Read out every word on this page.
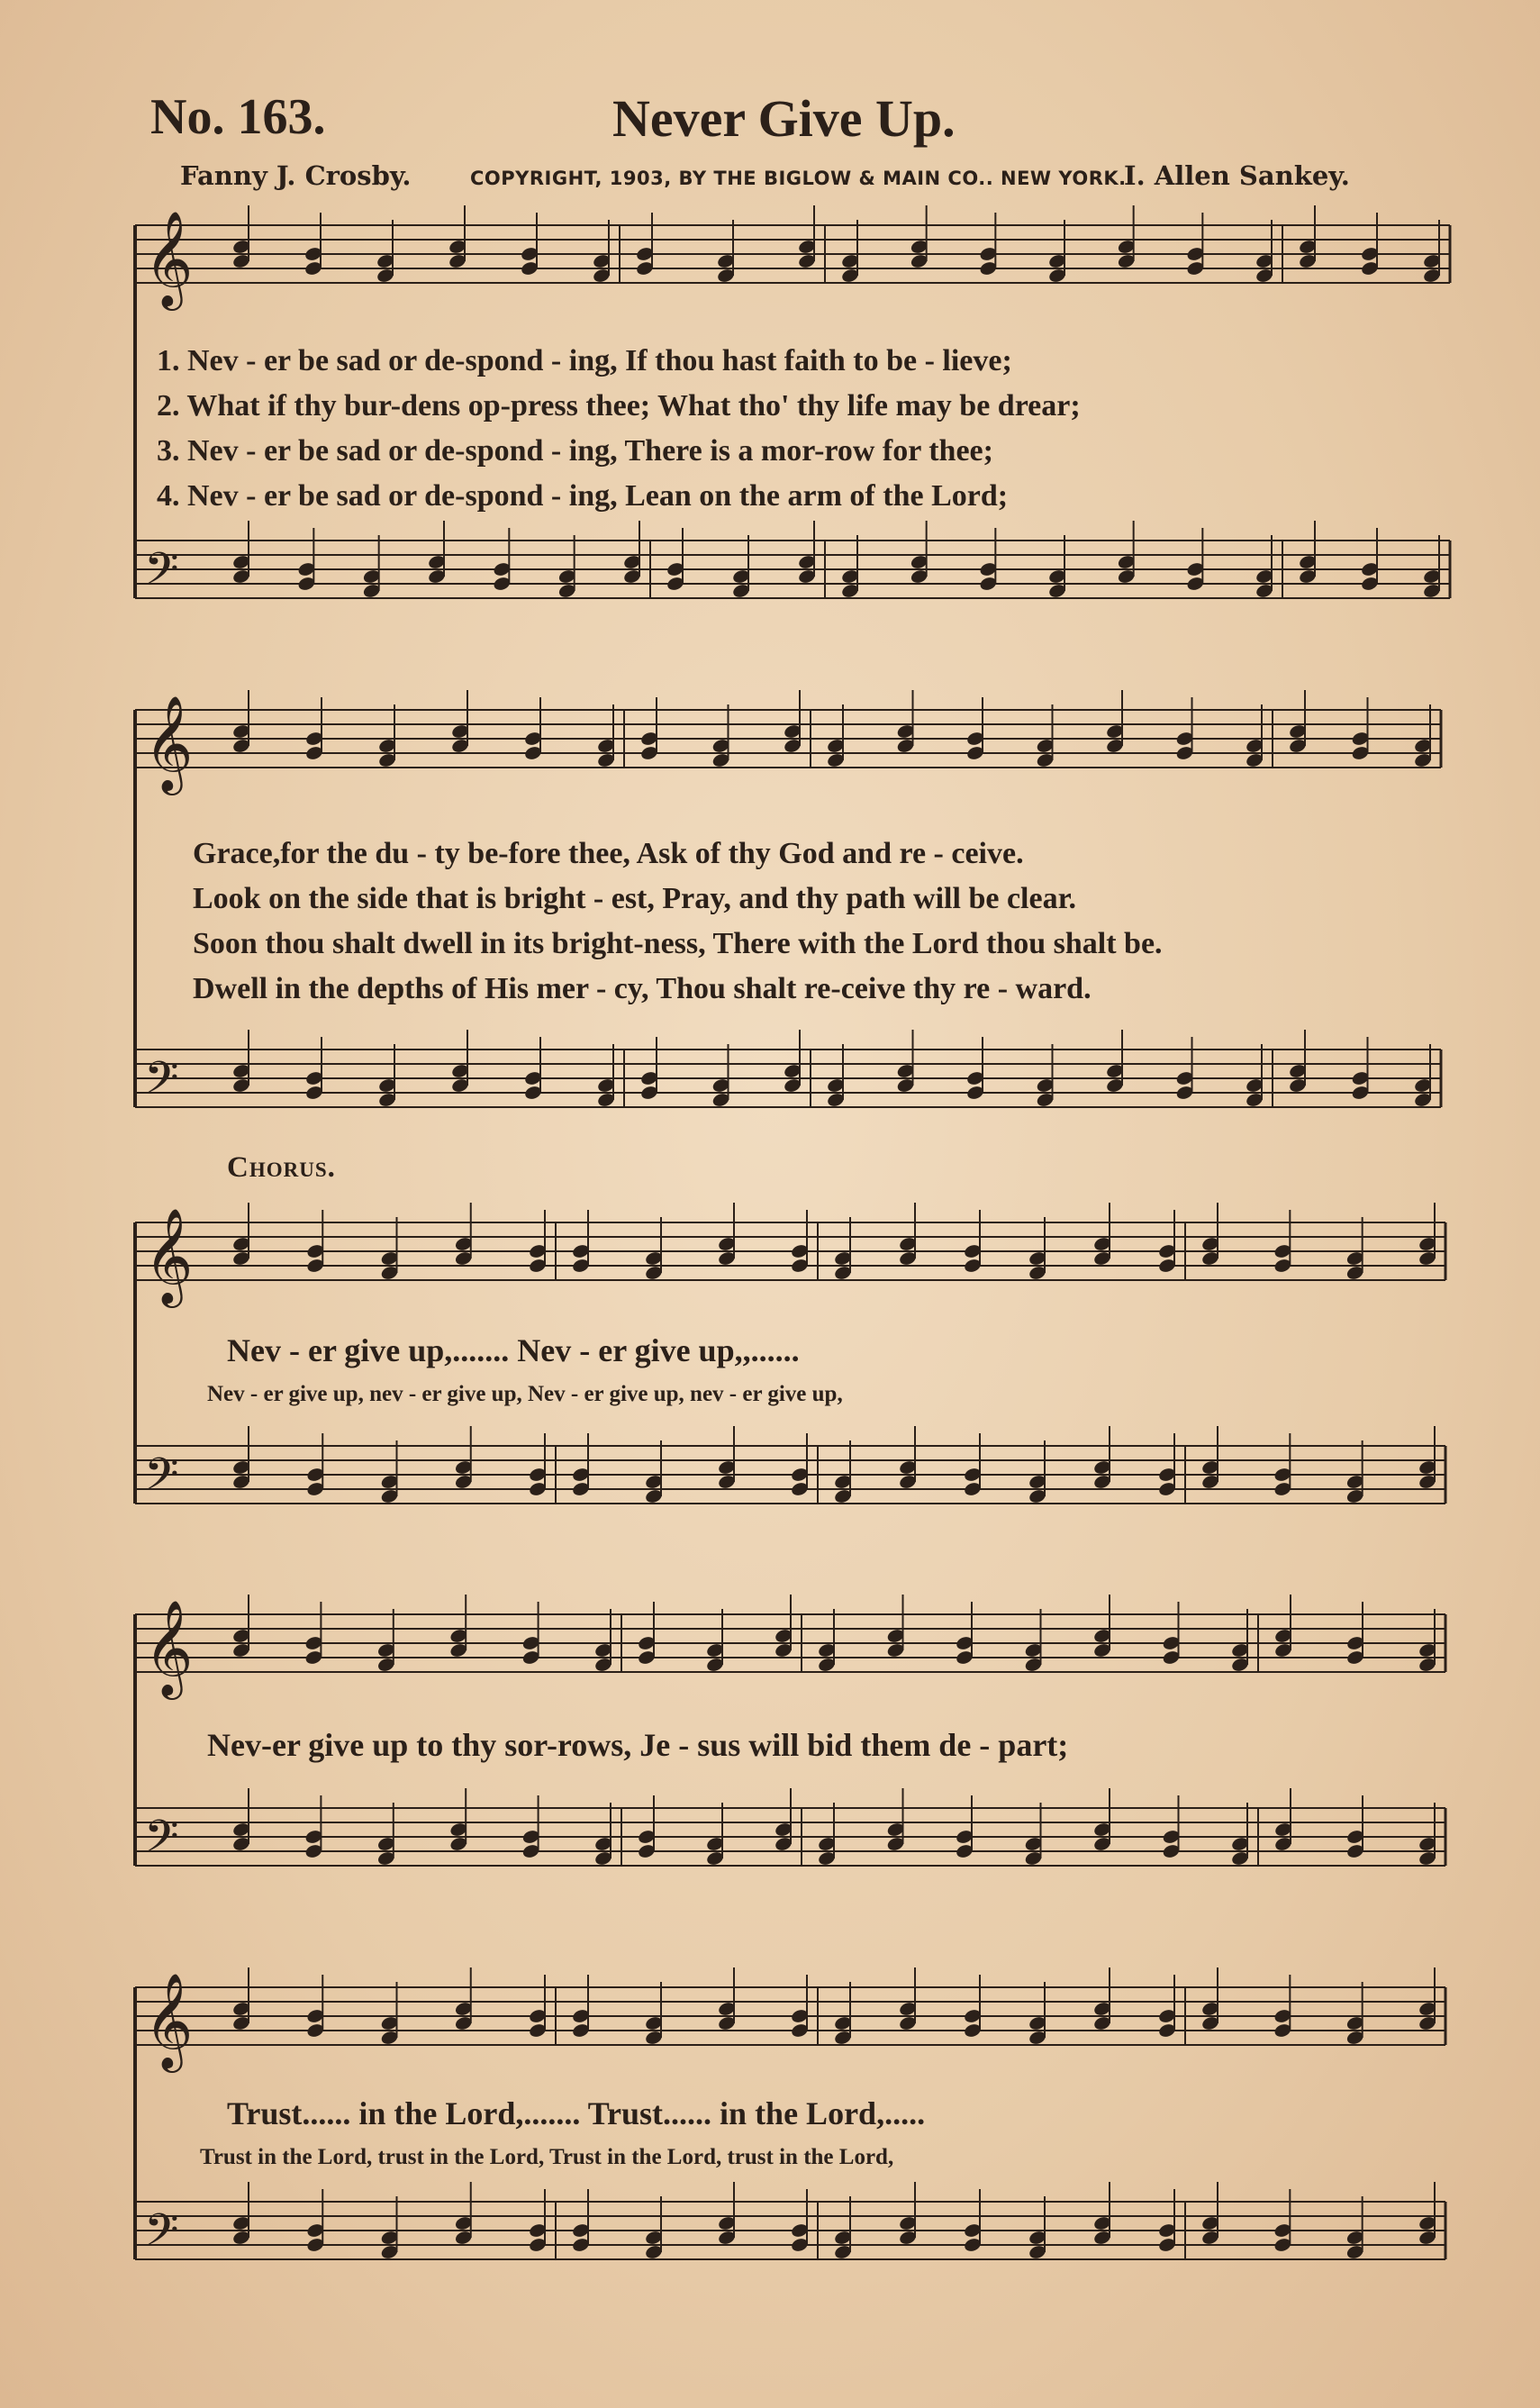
No. 163.	Never Give Up.
Fanny J. Crosby.	COPYRIGHT, 1903, BY THE BIGLOW & MAIN CO.. NEW YORK.
I. Allen Sankey.
𝄞
𝄢
𝄞
𝄢
𝄞
𝄢
𝄞
𝄢
𝄞
𝄢
1. Nev - er be sad or de-spond - ing, If thou hast faith to be - lieve;
2. What if thy bur-dens op-press thee; What tho' thy life may be drear;
3. Nev - er be sad or de-spond - ing, There is a mor-row for thee;
4. Nev - er be sad or de-spond - ing, Lean on the arm of the Lord;
Grace,for the du - ty be-fore thee, Ask of thy God and re - ceive.
Look on the side that is bright - est, Pray, and thy path will be clear.
Soon thou shalt dwell in its bright-ness, There with the Lord thou shalt be.
Dwell in the depths of His mer - cy, Thou shalt re-ceive thy re - ward.
Chorus.
Nev - er give up,....... Nev - er give up,,......
Nev - er give up, nev - er give up, Nev - er give up, nev - er give up,
Nev-er give up to thy sor-rows, Je - sus will bid them de - part;
Trust...... in the Lord,....... Trust...... in the Lord,.....
Trust in the Lord, trust in the Lord, Trust in the Lord, trust in the Lord,
